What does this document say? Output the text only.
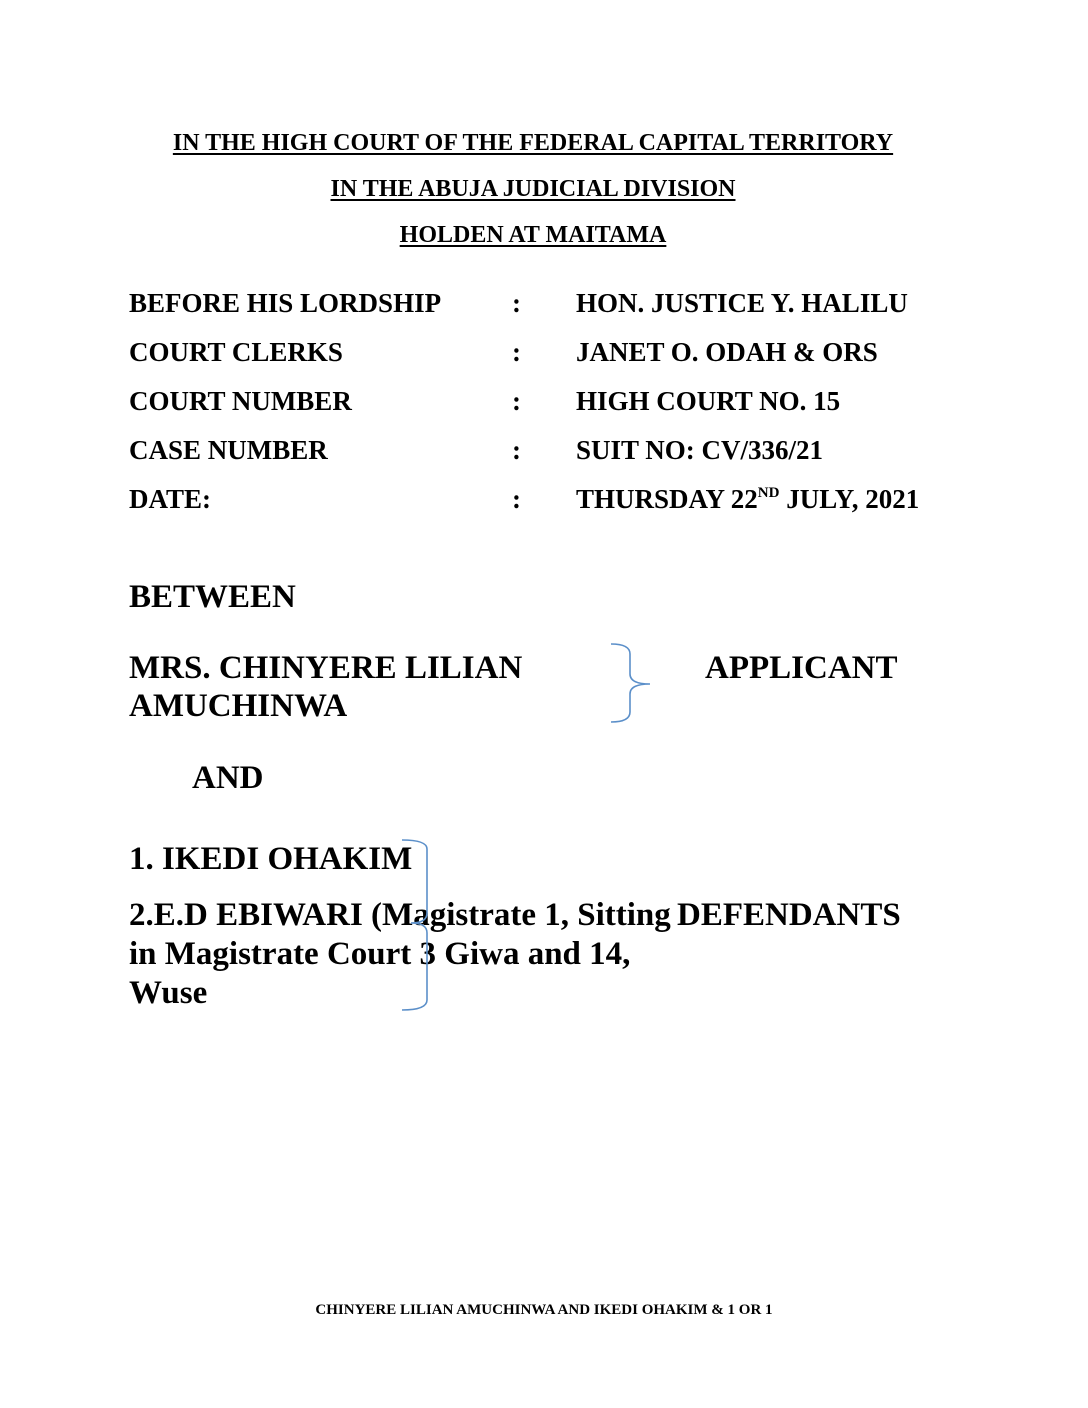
IN THE HIGH COURT OF THE FEDERAL CAPITAL TERRITORY
IN THE ABUJA JUDICIAL DIVISION
HOLDEN AT MAITAMA
BEFORE HIS LORDSHIP	: HON. JUSTICE Y. HALILU
COURT CLERKS	: JANET O. ODAH & ORS
COURT NUMBER	: HIGH COURT NO. 15
CASE NUMBER	: SUIT NO: CV/336/21
DATE:	: THURSDAY 22ND JULY, 2021
BETWEEN
MRS. CHINYERE LILIAN
AMUCHINWA
APPLICANT
AND
1. IKEDI OHAKIM
2.E.D EBIWARI (Magistrate 1, Sitting DEFENDANTS
in Magistrate Court 3 Giwa and 14,
Wuse
CHINYERE LILIAN AMUCHINWA AND IKEDI OHAKIM & 1 OR 1
